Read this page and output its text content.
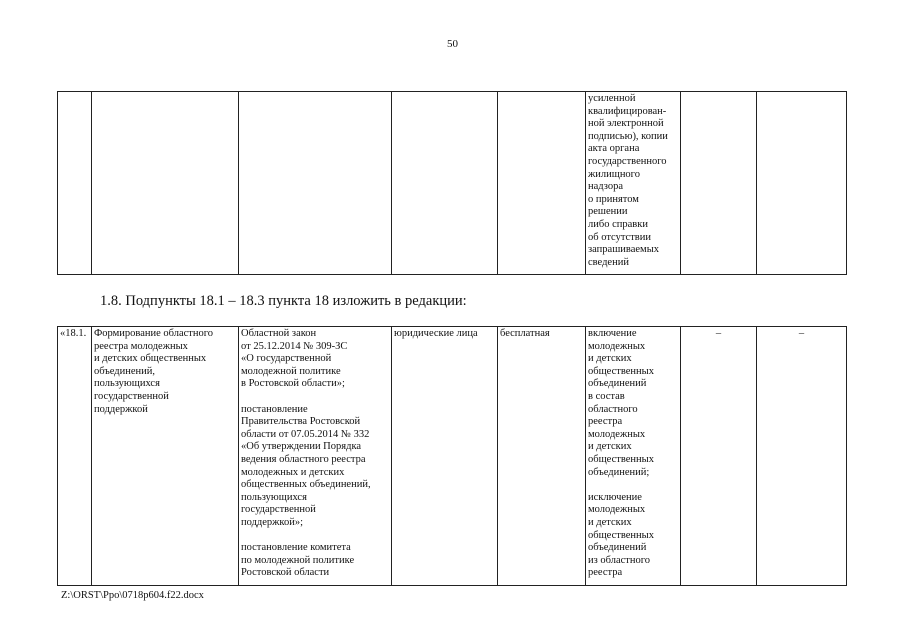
50
					усиленной
квалифицирован-
ной электронной
подписью), копии
акта органа
государственного
жилищного
надзора
о принятом
решении
либо справки
об отсутствии
запрашиваемых
сведений		
1.8. Подпункты 18.1 – 18.3 пункта 18 изложить в редакции:
«18.1.	Формирование областного
реестра молодежных
и детских общественных
объединений,
пользующихся
государственной
поддержкой	Областной закон
от 25.12.2014 № 309-ЗС
«О государственной
молодежной политике
в Ростовской области»;

постановление
Правительства Ростовской
области от 07.05.2014 № 332
«Об утверждении Порядка
ведения областного реестра
молодежных и детских
общественных объединений,
пользующихся
государственной
поддержкой»;

постановление комитета
по молодежной политике
Ростовской области	юридические лица	бесплатная	включение
молодежных
и детских
общественных
объединений
в состав
областного
реестра
молодежных
и детских
общественных
объединений;

исключение
молодежных
и детских
общественных
объединений
из областного
реестра	–	–
Z:\ORST\Ppo\0718p604.f22.docx
